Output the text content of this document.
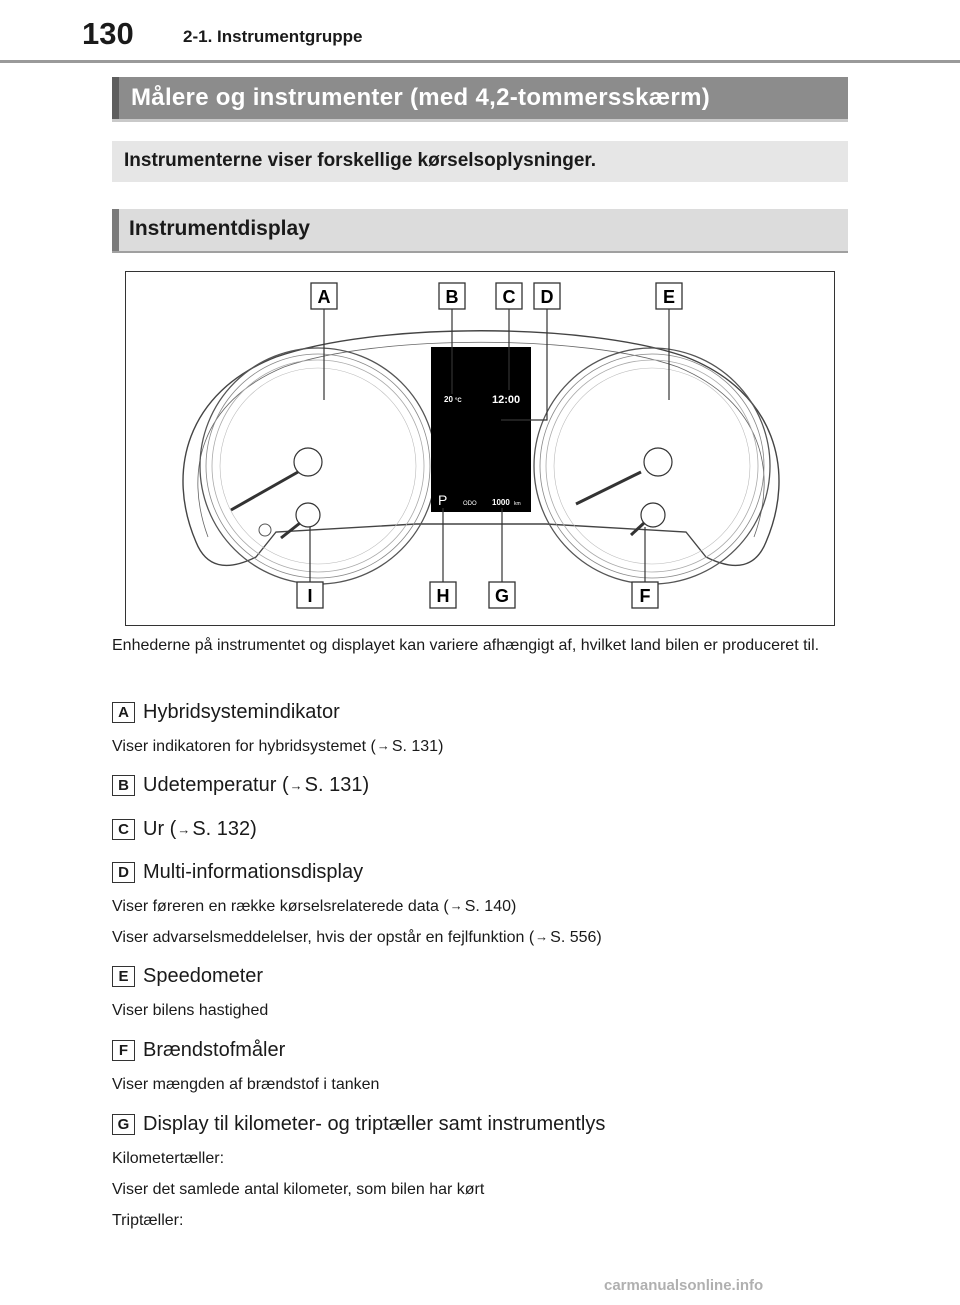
130	2-1. Instrumentgruppe
Målere og instrumenter (med 4,2-tommersskærm)
Instrumenterne viser forskellige kørselsoplysninger.
Instrumentdisplay
20 °C	12:00
P	ODO 1000 km
A	B C D	E
I	H	G	F
Enhederne på instrumentet og displayet kan variere afhængigt af, hvilket land bilen er produceret til.
A Hybridsystemindikator
Viser indikatoren for hybridsystemet (→ S. 131)
B Udetemperatur (→ S. 131)
C Ur (→ S. 132)
D Multi-informationsdisplay
Viser føreren en række kørselsrelaterede data (→ S. 140)
Viser advarselsmeddelelser, hvis der opstår en fejlfunktion (→ S. 556)
E Speedometer
Viser bilens hastighed
F Brændstofmåler
Viser mængden af brændstof i tanken
G Display til kilometer- og triptæller samt instrumentlys
Kilometertæller:
Viser det samlede antal kilometer, som bilen har kørt
Triptæller:
carmanualsonline.info
